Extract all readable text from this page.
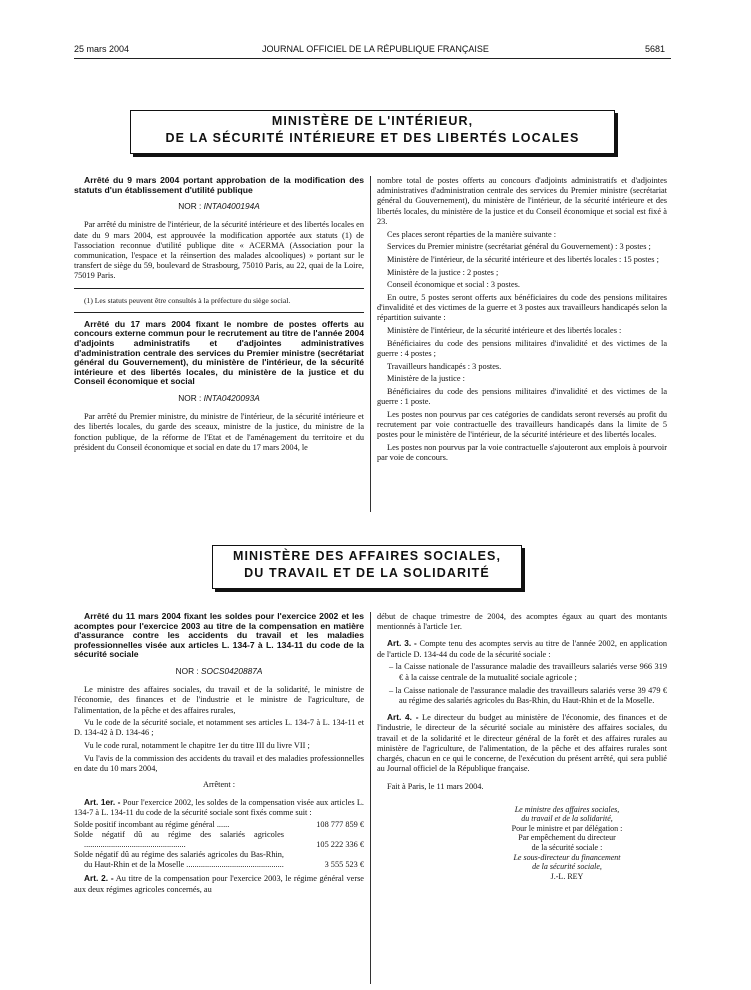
25 mars 2004	JOURNAL OFFICIEL DE LA RÉPUBLIQUE FRANÇAISE	5681
MINISTÈRE DE L'INTÉRIEUR,
DE LA SÉCURITÉ INTÉRIEURE ET DES LIBERTÉS LOCALES
Arrêté du 9 mars 2004 portant approbation de la modification des statuts d'un établissement d'utilité publique
NOR : INTA0400194A

Par arrêté du ministre de l'intérieur, de la sécurité intérieure et des libertés locales en date du 9 mars 2004, est approuvée la modification apportée aux statuts (1) de l'association reconnue d'utilité publique dite « ACERMA (Association pour la communication, l'espace et la réinsertion des malades alcooliques) » portant sur le transfert de siège du 59, boulevard de Strasbourg, 75010 Paris, au 22, quai de la Loire, 75019 Paris.

(1) Les statuts peuvent être consultés à la préfecture du siège social.

Arrêté du 17 mars 2004 fixant le nombre de postes offerts au concours externe commun pour le recrutement au titre de l'année 2004 d'adjoints administratifs et d'adjointes administratives d'administration centrale des services du Premier ministre (secrétariat général du Gouvernement), du ministère de l'intérieur, de la sécurité intérieure et des libertés locales, du ministère de la justice et du Conseil économique et social
NOR : INTA0420093A

Par arrêté du Premier ministre, du ministre de l'intérieur, de la sécurité intérieure et des libertés locales, du garde des sceaux, ministre de la justice, du ministre de la fonction publique, de la réforme de l'Etat et de l'aménagement du territoire et du président du Conseil économique et social en date du 17 mars 2004, le

nombre total de postes offerts au concours d'adjoints administratifs et d'adjointes administratives d'administration centrale des services du Premier ministre (secrétariat général du Gouvernement), du ministère de l'intérieur, de la sécurité intérieure et des libertés locales, du ministère de la justice et du Conseil économique et social est fixé à 23.

Ces places seront réparties de la manière suivante :

Services du Premier ministre (secrétariat général du Gouvernement) : 3 postes ;

Ministère de l'intérieur, de la sécurité intérieure et des libertés locales : 15 postes ;

Ministère de la justice : 2 postes ;

Conseil économique et social : 3 postes.

En outre, 5 postes seront offerts aux bénéficiaires du code des pensions militaires d'invalidité et des victimes de la guerre et 3 postes aux travailleurs handicapés selon la répartition suivante :

Ministère de l'intérieur, de la sécurité intérieure et des libertés locales :

Bénéficiaires du code des pensions militaires d'invalidité et des victimes de la guerre : 4 postes ;

Travailleurs handicapés : 3 postes.

Ministère de la justice :

Bénéficiaires du code des pensions militaires d'invalidité et des victimes de la guerre : 1 poste.

Les postes non pourvus par ces catégories de candidats seront reversés au profit du recrutement par voie contractuelle des travailleurs handicapés dans la limite de 5 postes pour le ministère de l'intérieur, de la sécurité intérieure et des libertés locales.

Les postes non pourvus par la voie contractuelle s'ajouteront aux emplois à pourvoir par voie de concours.

MINISTÈRE DES AFFAIRES SOCIALES,
DU TRAVAIL ET DE LA SOLIDARITÉ
Arrêté du 11 mars 2004 fixant les soldes pour l'exercice 2002 et les acomptes pour l'exercice 2003 au titre de la compensation en matière d'assurance contre les accidents du travail et les maladies professionnelles visée aux articles L. 134-7 à L. 134-11 du code de la sécurité sociale
NOR : SOCS0420887A

Le ministre des affaires sociales, du travail et de la solidarité, le ministre de l'économie, des finances et de l'industrie et le ministre de l'agriculture, de l'alimentation, de la pêche et des affaires rurales,

Vu le code de la sécurité sociale, et notamment ses articles L. 134-7 à L. 134-11 et D. 134-42 à D. 134-46 ;

Vu le code rural, notamment le chapitre 1er du titre III du livre VII ;

Vu l'avis de la commission des accidents du travail et des maladies professionnelles en date du 10 mars 2004,

Arrêtent :

Art. 1er. - Pour l'exercice 2002, les soldes de la compensation visée aux articles L. 134-7 à L. 134-11 du code de la sécurité sociale sont fixés comme suit :

Solde positif incombant au régime général ......	108 777 859 €
Solde négatif dû au régime des salariés agricoles .................................................	105 222 336 €
Solde négatif dû au régime des salariés agricoles du Bas-Rhin, du Haut-Rhin et de la Moselle ...............................................	3 555 523 €

Art. 2. - Au titre de la compensation pour l'exercice 2003, le régime général verse aux deux régimes agricoles concernés, au

début de chaque trimestre de 2004, des acomptes égaux au quart des montants mentionnés à l'article 1er.

Art. 3. - Compte tenu des acomptes servis au titre de l'année 2002, en application de l'article D. 134-44 du code de la sécurité sociale :

– la Caisse nationale de l'assurance maladie des travailleurs salariés verse 966 319 € à la caisse centrale de la mutualité sociale agricole ;

– la Caisse nationale de l'assurance maladie des travailleurs salariés verse 39 479 € au régime des salariés agricoles du Bas-Rhin, du Haut-Rhin et de la Moselle.

Art. 4. - Le directeur du budget au ministère de l'économie, des finances et de l'industrie, le directeur de la sécurité sociale au ministère des affaires sociales, du travail et de la solidarité et le directeur général de la forêt et des affaires rurales au ministère de l'agriculture, de l'alimentation, de la pêche et des affaires rurales sont chargés, chacun en ce qui le concerne, de l'exécution du présent arrêté, qui sera publié au Journal officiel de la République française.

Fait à Paris, le 11 mars 2004.

Le ministre des affaires sociales,
du travail et de la solidarité,
Pour le ministre et par délégation :
Par empêchement du directeur
de la sécurité sociale :
Le sous-directeur du financement
de la sécurité sociale,
J.-L. REY
